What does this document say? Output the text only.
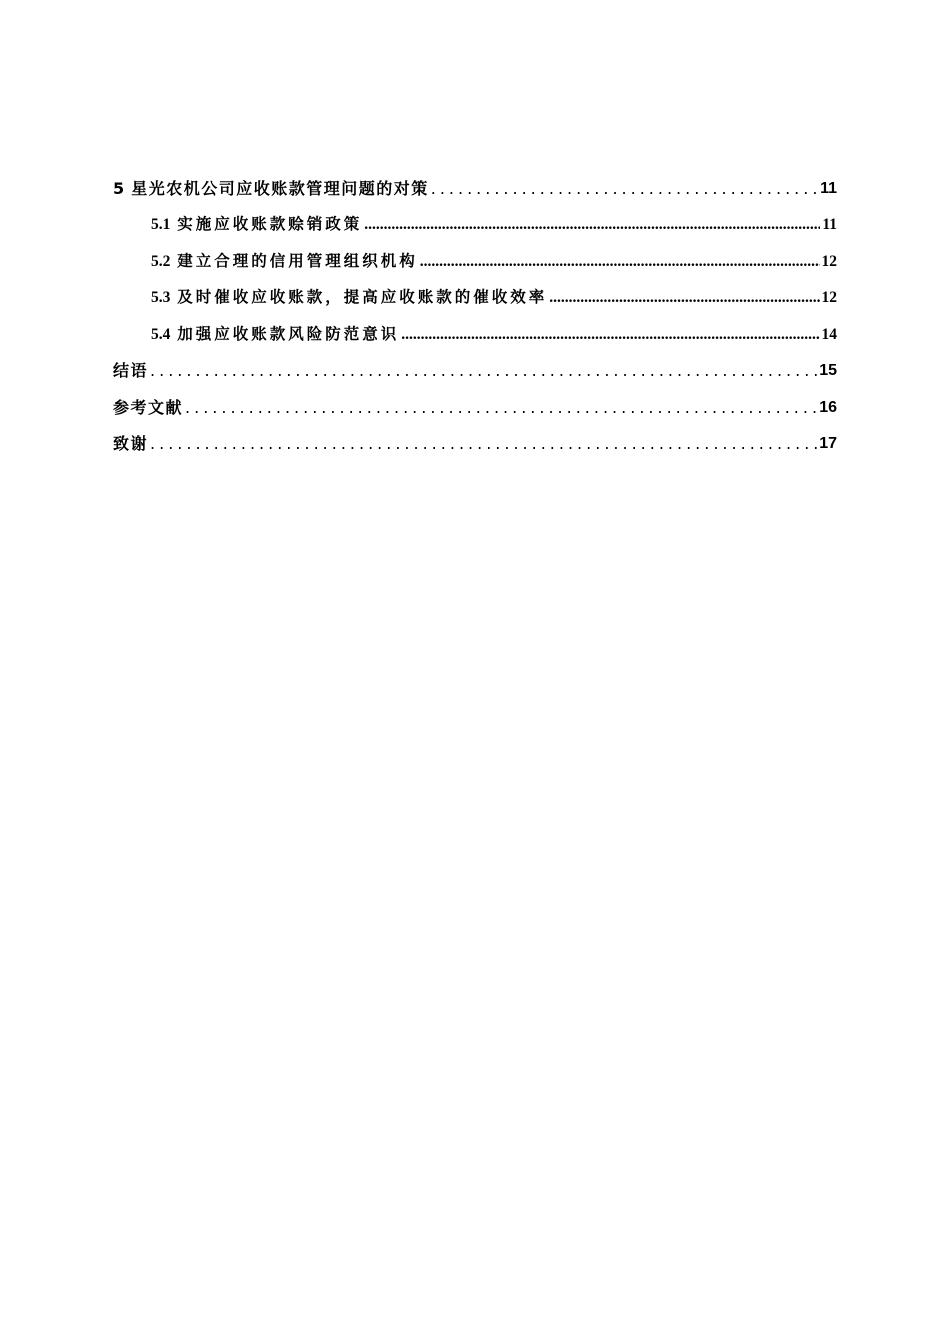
5 星光农机公司应收账款管理问题的对策 .....	11
5.1 实施应收账款赊销政策 .....	11
5.2 建立合理的信用管理组织机构 .....	12
5.3 及时催收应收账款，提高应收账款的催收效率 .....	12
5.4 加强应收账款风险防范意识 .....	14
结语 .....	15
参考文献 .....	16
致谢 .....	17
